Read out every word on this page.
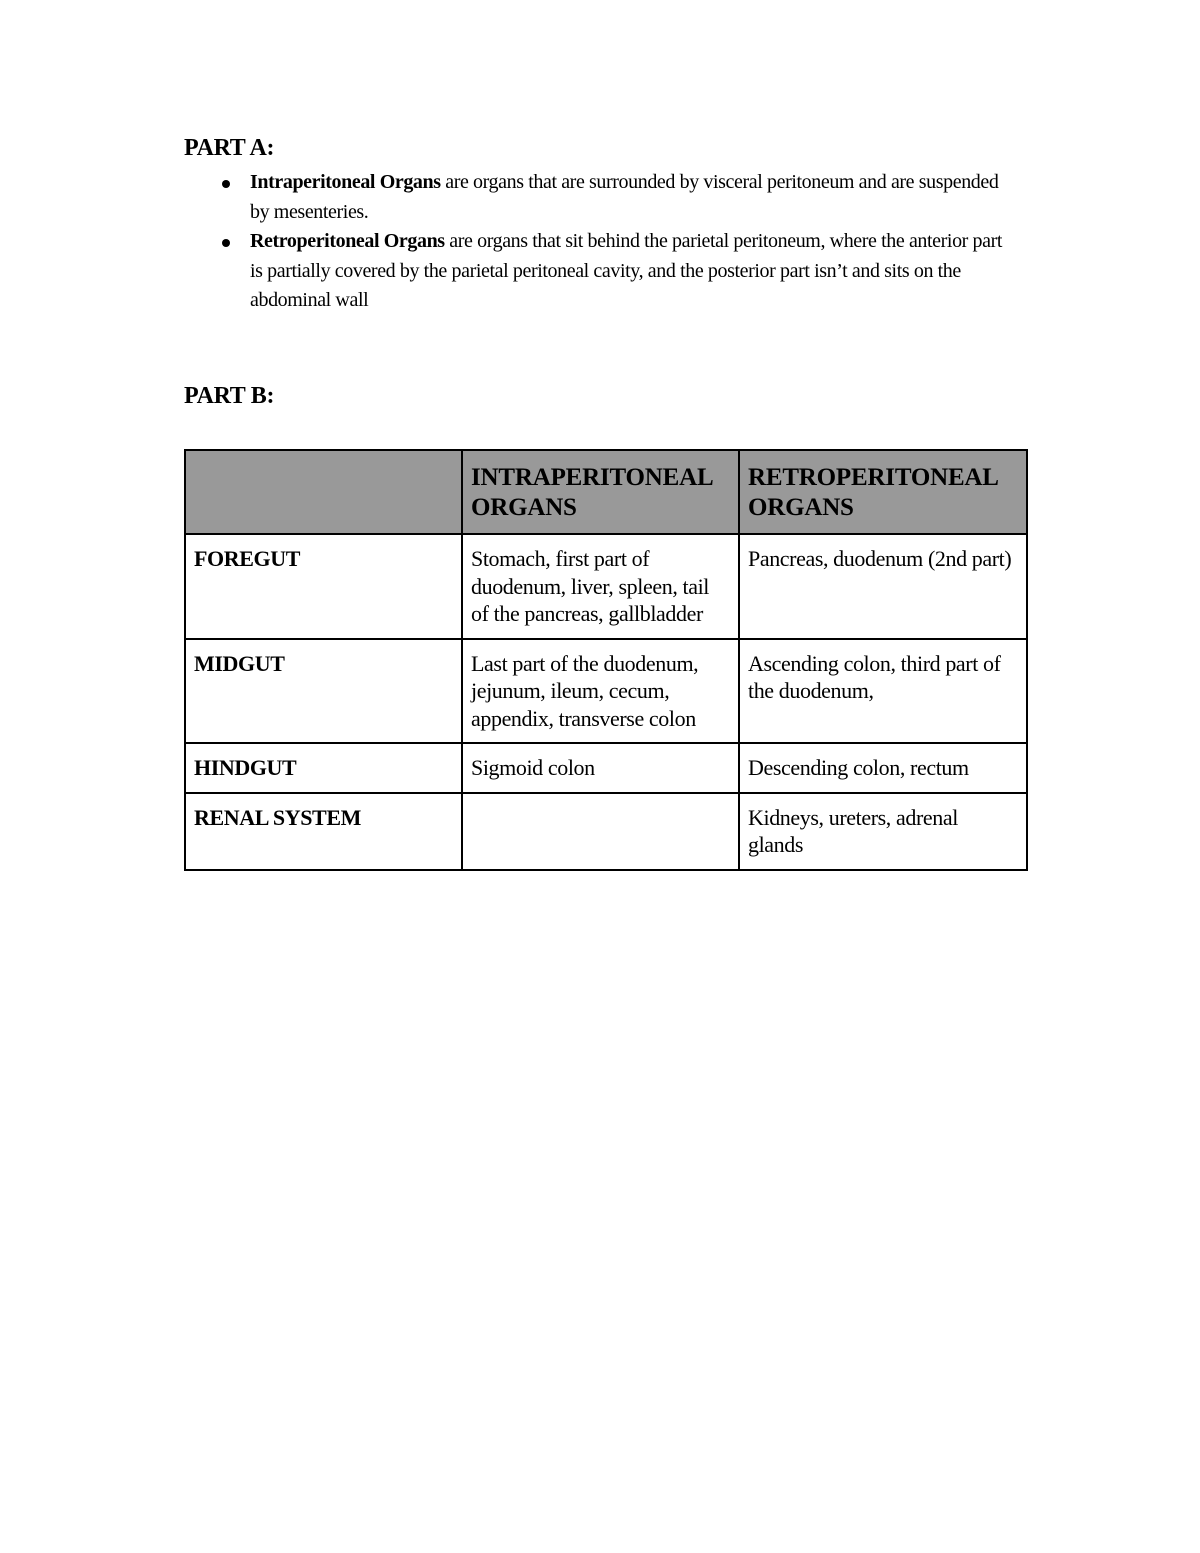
PART A:
Intraperitoneal Organs are organs that are surrounded by visceral peritoneum and are suspended by mesenteries.
Retroperitoneal Organs are organs that sit behind the parietal peritoneum, where the anterior part is partially covered by the parietal peritoneal cavity, and the posterior part isn’t and sits on the abdominal wall
PART B:
	INTRAPERITONEAL ORGANS	RETROPERITONEAL ORGANS
FOREGUT	Stomach, first part of duodenum, liver, spleen, tail of the pancreas, gallbladder	Pancreas, duodenum (2nd part)
MIDGUT	Last part of the duodenum, jejunum, ileum, cecum, appendix, transverse colon	Ascending colon, third part of the duodenum,
HINDGUT	Sigmoid colon	Descending colon, rectum
RENAL SYSTEM		Kidneys, ureters, adrenal glands
